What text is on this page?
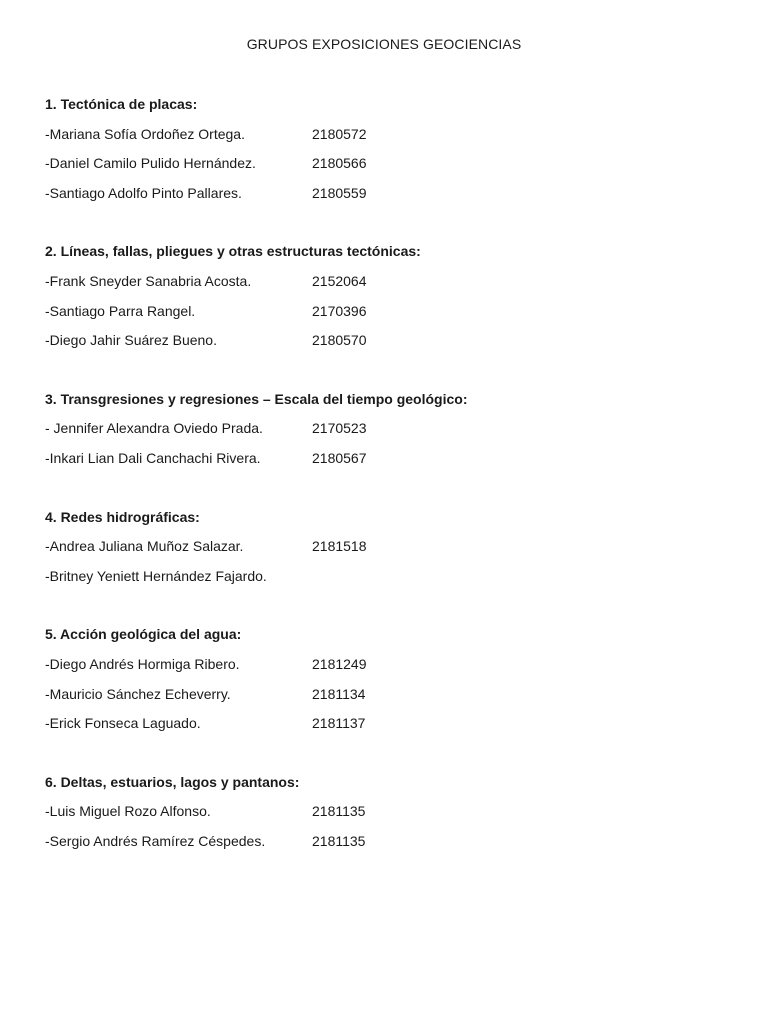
GRUPOS EXPOSICIONES GEOCIENCIAS
1. Tectónica de placas:
-Mariana Sofía Ordoñez Ortega.	2180572
-Daniel Camilo Pulido Hernández.	2180566
-Santiago Adolfo Pinto Pallares.	2180559
2. Líneas, fallas, pliegues y otras estructuras tectónicas:
-Frank Sneyder Sanabria Acosta.	2152064
-Santiago Parra Rangel.	2170396
-Diego Jahir Suárez Bueno.	2180570
3. Transgresiones y regresiones – Escala del tiempo geológico:
- Jennifer Alexandra Oviedo Prada.	2170523
-Inkari Lian Dali Canchachi Rivera.	2180567
4. Redes hidrográficas:
-Andrea Juliana Muñoz Salazar.	2181518
-Britney Yeniett Hernández Fajardo.
5. Acción geológica del agua:
-Diego Andrés Hormiga Ribero.	2181249
-Mauricio Sánchez Echeverry.	2181134
-Erick Fonseca Laguado.	2181137
6. Deltas, estuarios, lagos y pantanos:
-Luis Miguel Rozo Alfonso.	2181135
-Sergio Andrés Ramírez Céspedes.	2181135
